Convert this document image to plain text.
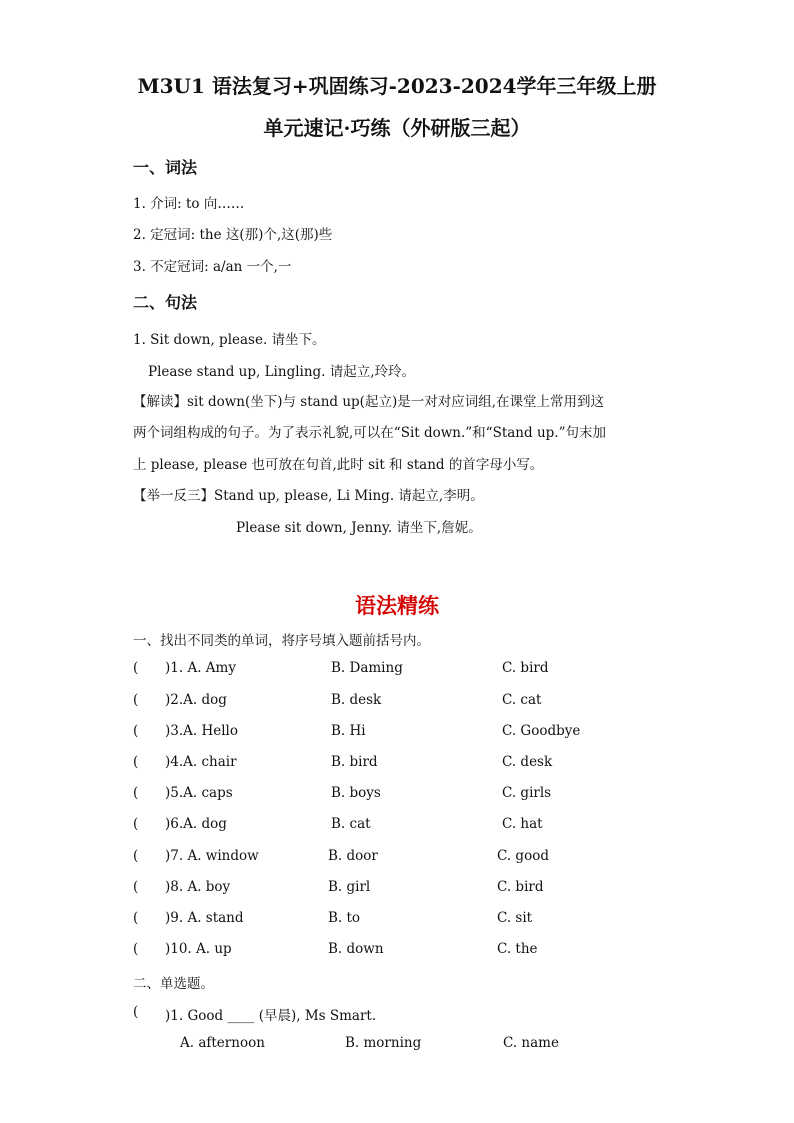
M3U1 语法复习+巩固练习-2023-2024学年三年级上册
单元速记·巧练（外研版三起）
一、词法
1. 介词: to 向……
2. 定冠词: the 这(那)个,这(那)些
3. 不定冠词: a/an 一个,一
二、句法
1. Sit down, please. 请坐下。
Please stand up, Lingling. 请起立,玲玲。
【解读】sit down(坐下)与 stand up(起立)是一对对应词组,在课堂上常用到这
两个词组构成的句子。为了表示礼貌,可以在“Sit down.”和“Stand up.”句末加
上 please, please 也可放在句首,此时 sit 和 stand 的首字母小写。
【举一反三】Stand up, please, Li Ming. 请起立,李明。
Please sit down, Jenny. 请坐下,詹妮。
语法精练
一、找出不同类的单词，将序号填入题前括号内。
( )1. A. Amy	B. Daming	C. bird
( )2.A. dog	B. desk	C. cat
( )3.A. Hello	B. Hi	C. Goodbye
( )4.A. chair	B. bird	C. desk
( )5.A. caps	B. boys	C. girls
( )6.A. dog	B. cat	C. hat
( )7. A. window	B. door	C. good
( )8. A. boy	B. girl	C. bird
( )9. A. stand	B. to	C. sit
( )10. A. up	B. down	C. the
二、单选题。
( )1. Good ____ (早晨), Ms Smart.
A. afternoon	B. morning	C. name
